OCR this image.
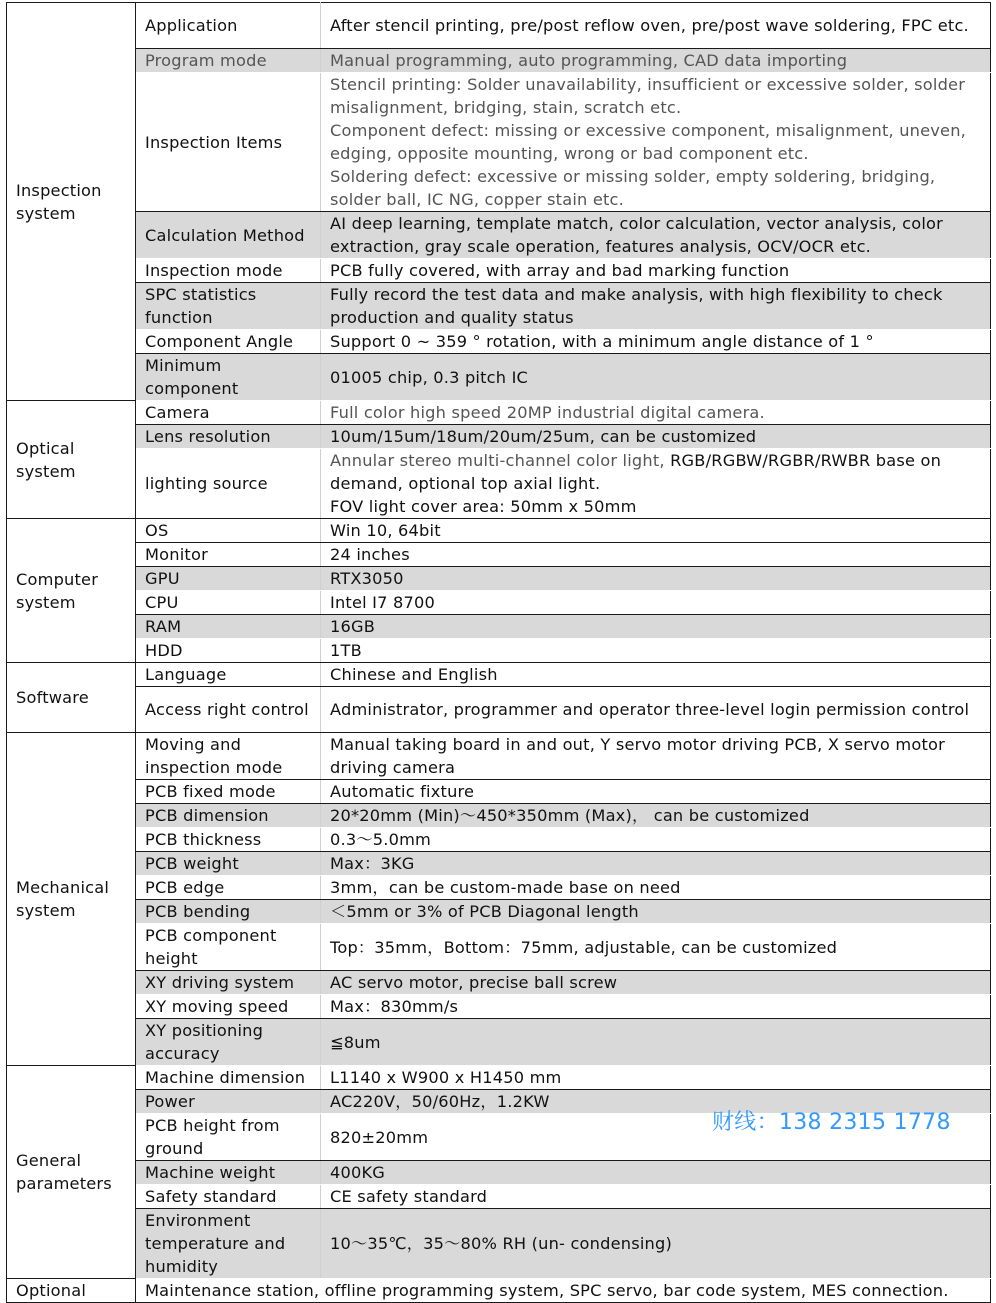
Inspection system	Application	After stencil printing, pre/post reflow oven, pre/post wave soldering, FPC etc.
	Program mode	Manual programming, auto programming, CAD data importing
	Inspection Items	Stencil printing: Solder unavailability, insufficient or excessive solder, solder misalignment, bridging, stain, scratch etc.
Component defect: missing or excessive component, misalignment, uneven, edging, opposite mounting, wrong or bad component etc.
Soldering defect: excessive or missing solder, empty soldering, bridging, solder ball, IC NG, copper stain etc.

	Calculation Method	AI deep learning, template match, color calculation, vector analysis, color extraction, gray scale operation, features analysis, OCV/OCR etc.
	Inspection mode	PCB fully covered, with array and bad marking function
	SPC statistics function	Fully record the test data and make analysis, with high flexibility to check production and quality status
	Component Angle	Support 0 ~ 359 ° rotation, with a minimum angle distance of 1 °
	Minimum component	01005 chip, 0.3 pitch IC
Optical system	Camera	Full color high speed 20MP industrial digital camera.
	Lens resolution	10um/15um/18um/20um/25um, can be customized
	lighting source	Annular stereo multi-channel color light, RGB/RGBW/RGBR/RWBR base on demand, optional top axial light.
FOV light cover area: 50mm x 50mm

Computer system	OS	Win 10, 64bit
	Monitor	24 inches
	GPU	RTX3050
	CPU	Intel I7 8700
	RAM	16GB
	HDD	1TB
Software	Language	Chinese and English
	Access right control	Administrator, programmer and operator three-level login permission control
Mechanical system	Moving and inspection mode	Manual taking board in and out, Y servo motor driving PCB, X servo motor driving camera
	PCB fixed mode	Automatic fixture
	PCB dimension	20*20mm (Min)～450*350mm (Max)， can be customized
	PCB thickness	0.3～5.0mm
	PCB weight	Max：3KG
	PCB edge	3mm，can be custom-made base on need
	PCB bending	＜5mm or 3% of PCB Diagonal length
	PCB component height	Top：35mm，Bottom：75mm, adjustable, can be customized
	XY driving system	AC servo motor, precise ball screw
	XY moving speed	Max：830mm/s
	XY positioning accuracy	≦8um
General parameters	Machine dimension	L1140 x W900 x H1450 mm
	Power	AC220V，50/60Hz，1.2KW
	PCB height from ground	820±20mm
	Machine weight	400KG
	Safety standard	CE safety standard
	Environment temperature and humidity	10～35℃，35～80% RH (un- condensing)
Optional	Maintenance station, offline programming system, SPC servo, bar code system, MES connection.	
财线：138 2315 1778
